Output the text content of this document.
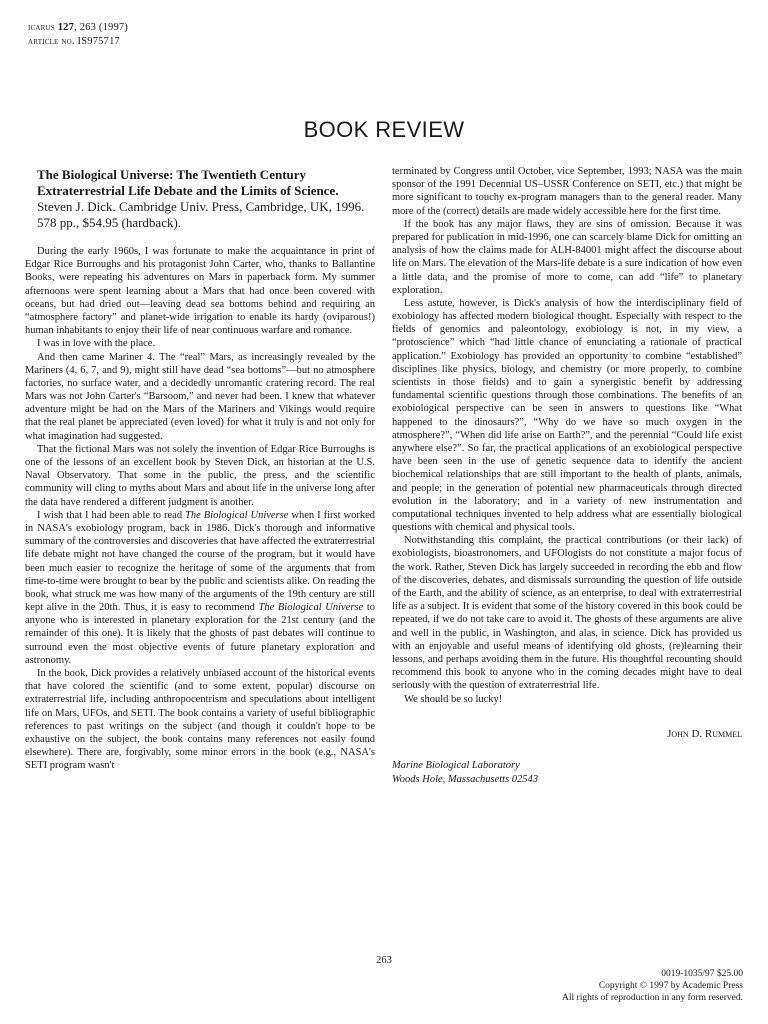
icarus 127, 263 (1997)
article no. IS975717
BOOK REVIEW
The Biological Universe: The Twentieth Century Extraterrestrial Life Debate and the Limits of Science.
Steven J. Dick. Cambridge Univ. Press, Cambridge, UK, 1996. 578 pp., $54.95 (hardback).

During the early 1960s, I was fortunate to make the acquaintance in print of Edgar Rice Burroughs and his protagonist John Carter, who, thanks to Ballantine Books, were repeating his adventures on Mars in paperback form. My summer afternoons were spent learning about a Mars that had once been covered with oceans, but had dried out—leaving dead sea bottoms behind and requiring an “atmosphere factory” and planet-wide irrigation to enable its hardy (oviparous!) human inhabitants to enjoy their life of near continuous warfare and romance.

I was in love with the place.

And then came Mariner 4. The “real” Mars, as increasingly revealed by the Mariners (4, 6, 7, and 9), might still have dead “sea bottoms”—but no atmosphere factories, no surface water, and a decidedly unromantic cratering record. The real Mars was not John Carter's “Barsoom,” and never had been. I knew that whatever adventure might be had on the Mars of the Mariners and Vikings would require that the real planet be appreciated (even loved) for what it truly is and not only for what imagination had suggested.

That the fictional Mars was not solely the invention of Edgar Rice Burroughs is one of the lessons of an excellent book by Steven Dick, an historian at the U.S. Naval Observatory. That some in the public, the press, and the scientific community will cling to myths about Mars and about life in the universe long after the data have rendered a different judgment is another.

I wish that I had been able to read The Biological Universe when I first worked in NASA's exobiology program, back in 1986. Dick's thorough and informative summary of the controversies and discoveries that have affected the extraterrestrial life debate might not have changed the course of the program, but it would have been much easier to recognize the heritage of some of the arguments that from time-to-time were brought to bear by the public and scientists alike. On reading the book, what struck me was how many of the arguments of the 19th century are still kept alive in the 20th. Thus, it is easy to recommend The Biological Universe to anyone who is interested in planetary exploration for the 21st century (and the remainder of this one). It is likely that the ghosts of past debates will continue to surround even the most objective events of future planetary exploration and astronomy.

In the book, Dick provides a relatively unbiased account of the historical events that have colored the scientific (and to some extent, popular) discourse on extraterrestrial life, including anthropocentrism and speculations about intelligent life on Mars, UFOs, and SETI. The book contains a variety of useful bibliographic references to past writings on the subject (and though it couldn't hope to be exhaustive on the subject, the book contains many references not easily found elsewhere). There are, forgivably, some minor errors in the book (e.g., NASA's SETI program wasn't

terminated by Congress until October, vice September, 1993; NASA was the main sponsor of the 1991 Decennial US–USSR Conference on SETI, etc.) that might be more significant to touchy ex-program managers than to the general reader. Many more of the (correct) details are made widely accessible here for the first time.

If the book has any major flaws, they are sins of omission. Because it was prepared for publication in mid-1996, one can scarcely blame Dick for omitting an analysis of how the claims made for ALH-84001 might affect the discourse about life on Mars. The elevation of the Mars-life debate is a sure indication of how even a little data, and the promise of more to come, can add “life” to planetary exploration.

Less astute, however, is Dick's analysis of how the interdisciplinary field of exobiology has affected modern biological thought. Especially with respect to the fields of genomics and paleontology, exobiology is not, in my view, a “protoscience” which “had little chance of enunciating a rationale of practical application.” Exobiology has provided an opportunity to combine “established” disciplines like physics, biology, and chemistry (or more properly, to combine scientists in those fields) and to gain a synergistic benefit by addressing fundamental scientific questions through those combinations. The benefits of an exobiological perspective can be seen in answers to questions like “What happened to the dinosaurs?”, “Why do we have so much oxygen in the atmosphere?”, “When did life arise on Earth?”, and the perennial “Could life exist anywhere else?”. So far, the practical applications of an exobiological perspective have been seen in the use of genetic sequence data to identify the ancient biochemical relationships that are still important to the health of plants, animals, and people; in the generation of potential new pharmaceuticals through directed evolution in the laboratory; and in a variety of new instrumentation and computational techniques invented to help address what are essentially biological questions with chemical and physical tools.

Notwithstanding this complaint, the practical contributions (or their lack) of exobiologists, bioastronomers, and UFOlogists do not constitute a major focus of the work. Rather, Steven Dick has largely succeeded in recording the ebb and flow of the discoveries, debates, and dismissals surrounding the question of life outside of the Earth, and the ability of science, as an enterprise, to deal with extraterrestrial life as a subject. It is evident that some of the history covered in this book could be repeated, if we do not take care to avoid it. The ghosts of these arguments are alive and well in the public, in Washington, and alas, in science. Dick has provided us with an enjoyable and useful means of identifying old ghosts, (re)learning their lessons, and perhaps avoiding them in the future. His thoughtful recounting should recommend this book to anyone who in the coming decades might have to deal seriously with the question of extraterrestrial life.

We should be so lucky!

John D. Rummel
Marine Biological Laboratory
Woods Hole, Massachusetts 02543
263
0019-1035/97 $25.00
Copyright © 1997 by Academic Press
All rights of reproduction in any form reserved.
